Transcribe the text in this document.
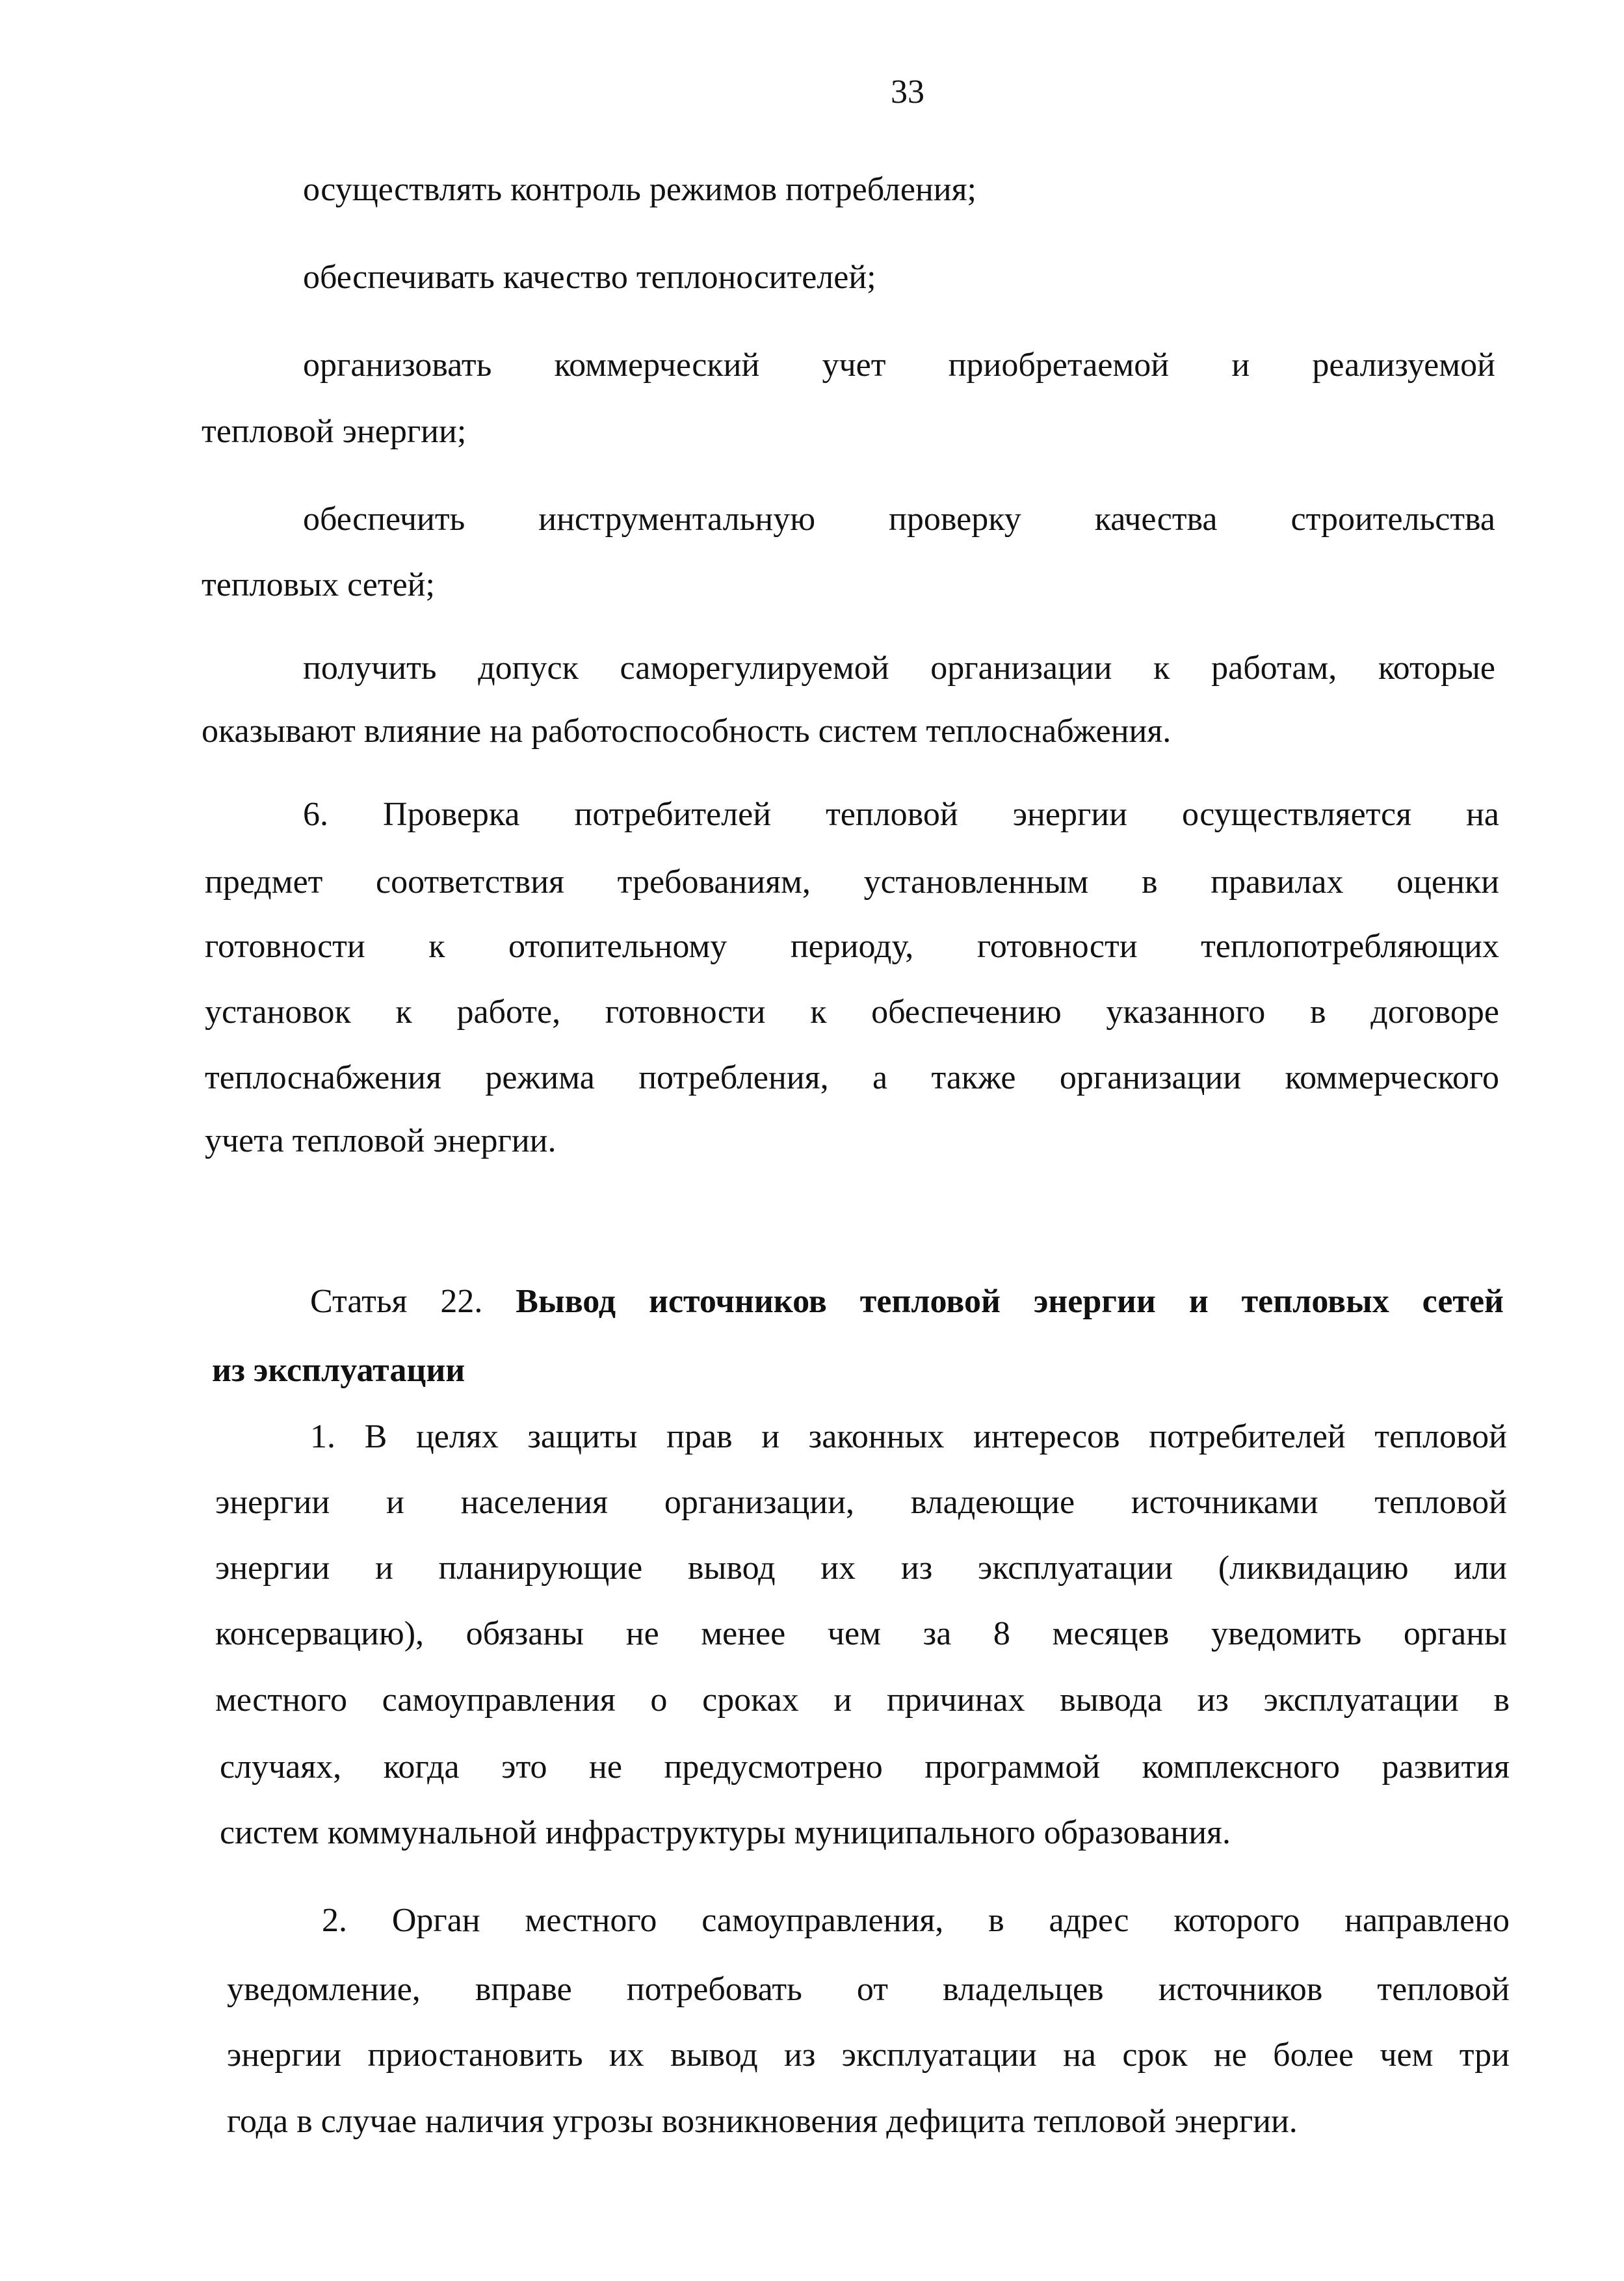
33
Статья 22. Вывод источников тепловой энергии и тепловых сетей
из эксплуатации
осуществлять контроль режимов потребления;
обеспечивать качество теплоносителей;
организовать коммерческий учет приобретаемой и реализуемой
тепловой энергии;
обеспечить инструментальную проверку качества строительства
тепловых сетей;
получить допуск саморегулируемой организации к работам, которые
оказывают влияние на работоспособность систем теплоснабжения.
6. Проверка потребителей тепловой энергии осуществляется на
предмет соответствия требованиям, установленным в правилах оценки
готовности к отопительному периоду, готовности теплопотребляющих
установок к работе, готовности к обеспечению указанного в договоре
теплоснабжения режима потребления, а также организации коммерческого
учета тепловой энергии.
1. В целях защиты прав и законных интересов потребителей тепловой
энергии и населения организации, владеющие источниками тепловой
энергии и планирующие вывод их из эксплуатации (ликвидацию или
консервацию), обязаны не менее чем за 8 месяцев уведомить органы
местного самоуправления о сроках и причинах вывода из эксплуатации в
случаях, когда это не предусмотрено программой комплексного развития
систем коммунальной инфраструктуры муниципального образования.
2. Орган местного самоуправления, в адрес которого направлено
уведомление, вправе потребовать от владельцев источников тепловой
энергии приостановить их вывод из эксплуатации на срок не более чем три
года в случае наличия угрозы возникновения дефицита тепловой энергии.
